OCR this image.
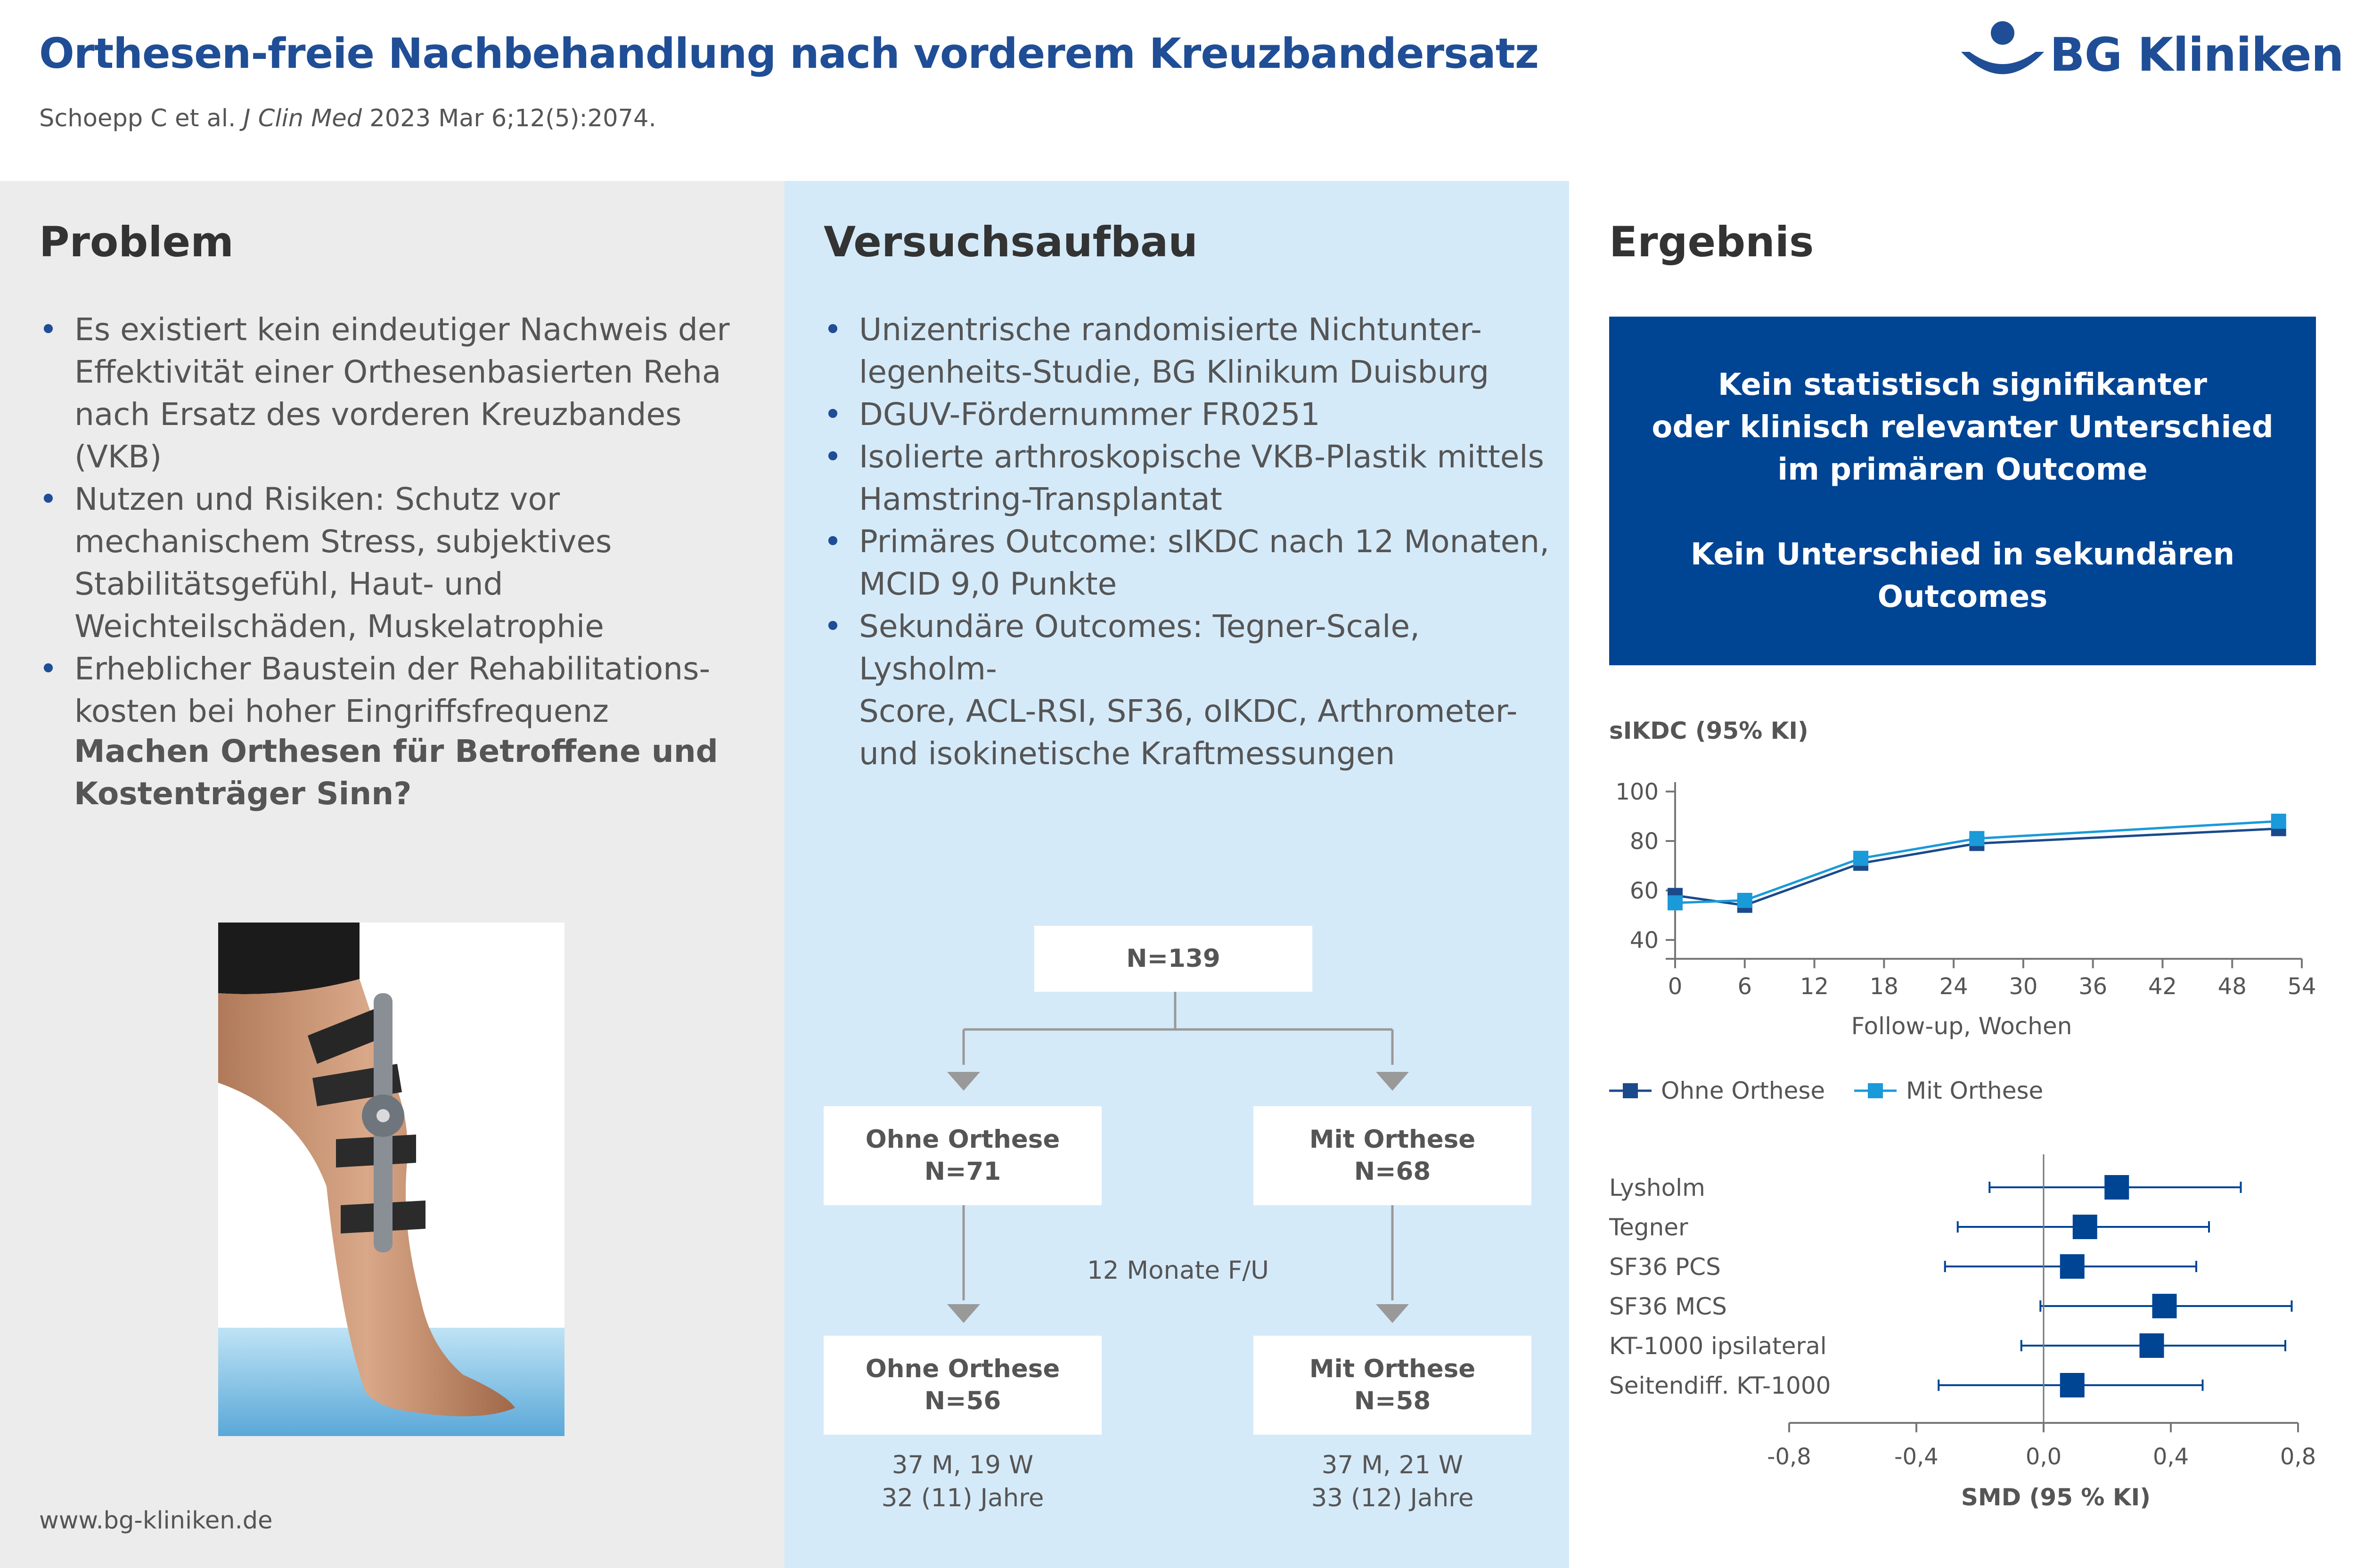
Orthesen-freie Nachbehandlung nach vorderem Kreuzbandersatz
Schoepp C et al. J Clin Med 2023 Mar 6;12(5):2074.
BG Kliniken
Problem
• Es existiert kein eindeutiger Nachweis der
Effektivität einer Orthesenbasierten Reha
nach Ersatz des vorderen Kreuzbandes (VKB)
• Nutzen und Risiken: Schutz vor
mechanischem Stress, subjektives
Stabilitätsgefühl, Haut- und
Weichteilschäden, Muskelatrophie
• Erheblicher Baustein der Rehabilitations-
kosten bei hoher Eingriffsfrequenz
Machen Orthesen für Betroffene und
Kostenträger Sinn?
www.bg-kliniken.de
Versuchsaufbau
• Unizentrische randomisierte Nichtunter-
legenheits-Studie, BG Klinikum Duisburg
• DGUV-Fördernummer FR0251
• Isolierte arthroskopische VKB-Plastik mittels
Hamstring-Transplantat
• Primäres Outcome: sIKDC nach 12 Monaten,
MCID 9,0 Punkte
• Sekundäre Outcomes: Tegner-Scale, Lysholm-
Score, ACL-RSI, SF36, oIKDC, Arthrometer-
und isokinetische Kraftmessungen
N=139
Ohne Orthese
N=71
Mit Orthese
N=68
12 Monate F/U
Ohne Orthese
N=56
Mit Orthese
N=58
37 M, 19 W
32 (11) Jahre
37 M, 21 W
33 (12) Jahre
Ergebnis

Kein statistisch signifikanter
oder klinisch relevanter Unterschied
im primären Outcome

Kein Unterschied in sekundären
Outcomes

sIKDC (95% KI)
40
60
80
100
0 6 12 18 24 30 36 42 48 54
Follow-up, Wochen
Ohne Orthese	Mit Orthese
Lysholm
Tegner
SF36 PCS
SF36 MCS
KT-1000 ipsilateral
Seitendiff. KT-1000
-0,8	-0,4	0,0	0,4	0,8
SMD (95 % KI)
